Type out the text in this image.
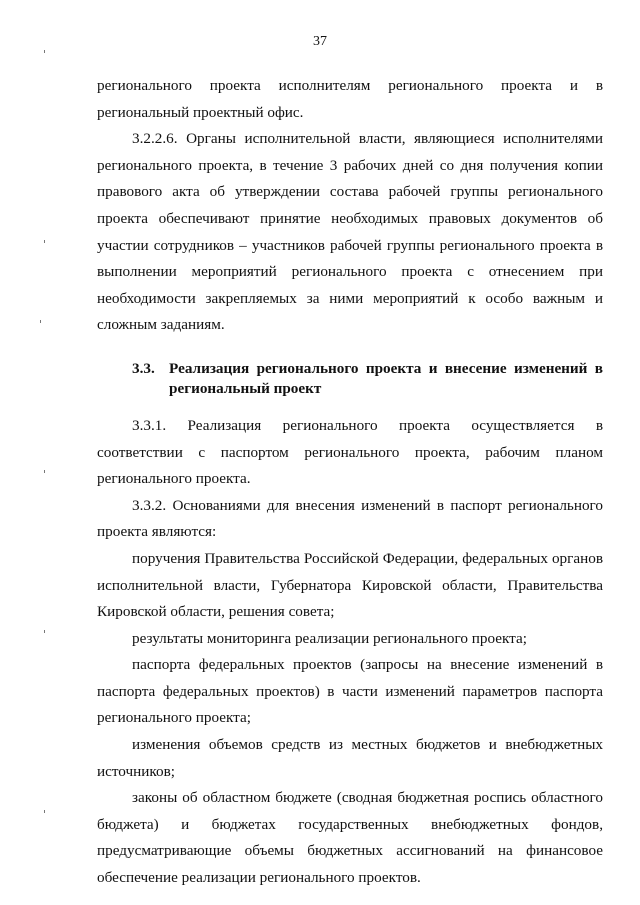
37

регионального проекта исполнителям регионального проекта и в региональный проектный офис.

3.2.2.6. Органы исполнительной власти, являющиеся исполнителями регионального проекта, в течение 3 рабочих дней со дня получения копии правового акта об утверждении состава рабочей группы регионального проекта обеспечивают принятие необходимых правовых документов об участии сотрудников – участников рабочей группы регионального проекта в выполнении мероприятий регионального проекта с отнесением при необходимости закрепляемых за ними мероприятий к особо важным и сложным заданиям.

3.3. Реализация регионального проекта и внесение изменений в региональный проект

3.3.1. Реализация регионального проекта осуществляется в соответствии с паспортом регионального проекта, рабочим планом регионального проекта.

3.3.2. Основаниями для внесения изменений в паспорт регионального проекта являются:

поручения Правительства Российской Федерации, федеральных органов исполнительной власти, Губернатора Кировской области, Правительства Кировской области, решения совета;

результаты мониторинга реализации регионального проекта;

паспорта федеральных проектов (запросы на внесение изменений в паспорта федеральных проектов) в части изменений параметров паспорта регионального проекта;

изменения объемов средств из местных бюджетов и внебюджетных источников;

законы об областном бюджете (сводная бюджетная роспись областного бюджета) и бюджетах государственных внебюджетных фондов, предусматривающие объемы бюджетных ассигнований на финансовое обеспечение реализации регионального проектов.
